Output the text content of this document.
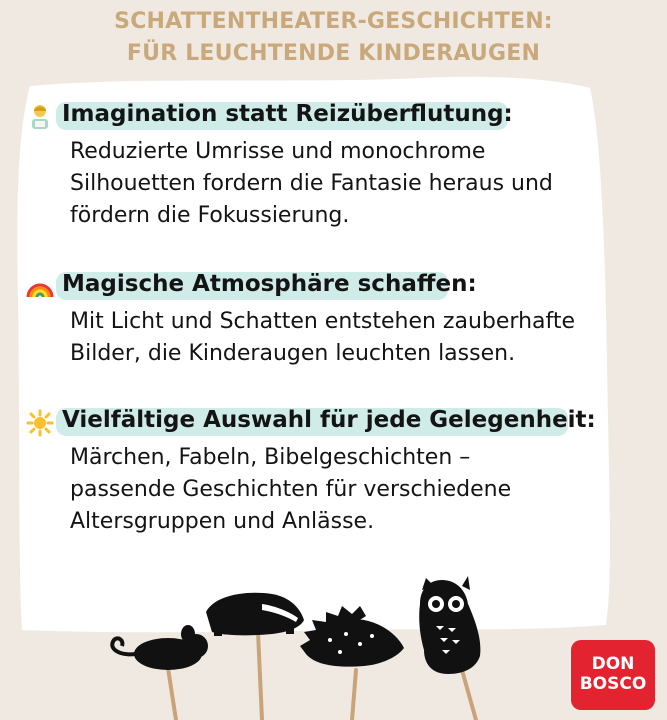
SCHATTENTHEATER-GESCHICHTEN:
FÜR LEUCHTENDE KINDERAUGEN
Imagination statt Reizüberflutung:
Reduzierte Umrisse und monochrome
Silhouetten fordern die Fantasie heraus und
fördern die Fokussierung.
Magische Atmosphäre schaffen:
Mit Licht und Schatten entstehen zauberhafte
Bilder, die Kinderaugen leuchten lassen.
Vielfältige Auswahl für jede Gelegenheit:
Märchen, Fabeln, Bibelgeschichten –
passende Geschichten für verschiedene
Altersgruppen und Anlässe.
DON
BOSCO
